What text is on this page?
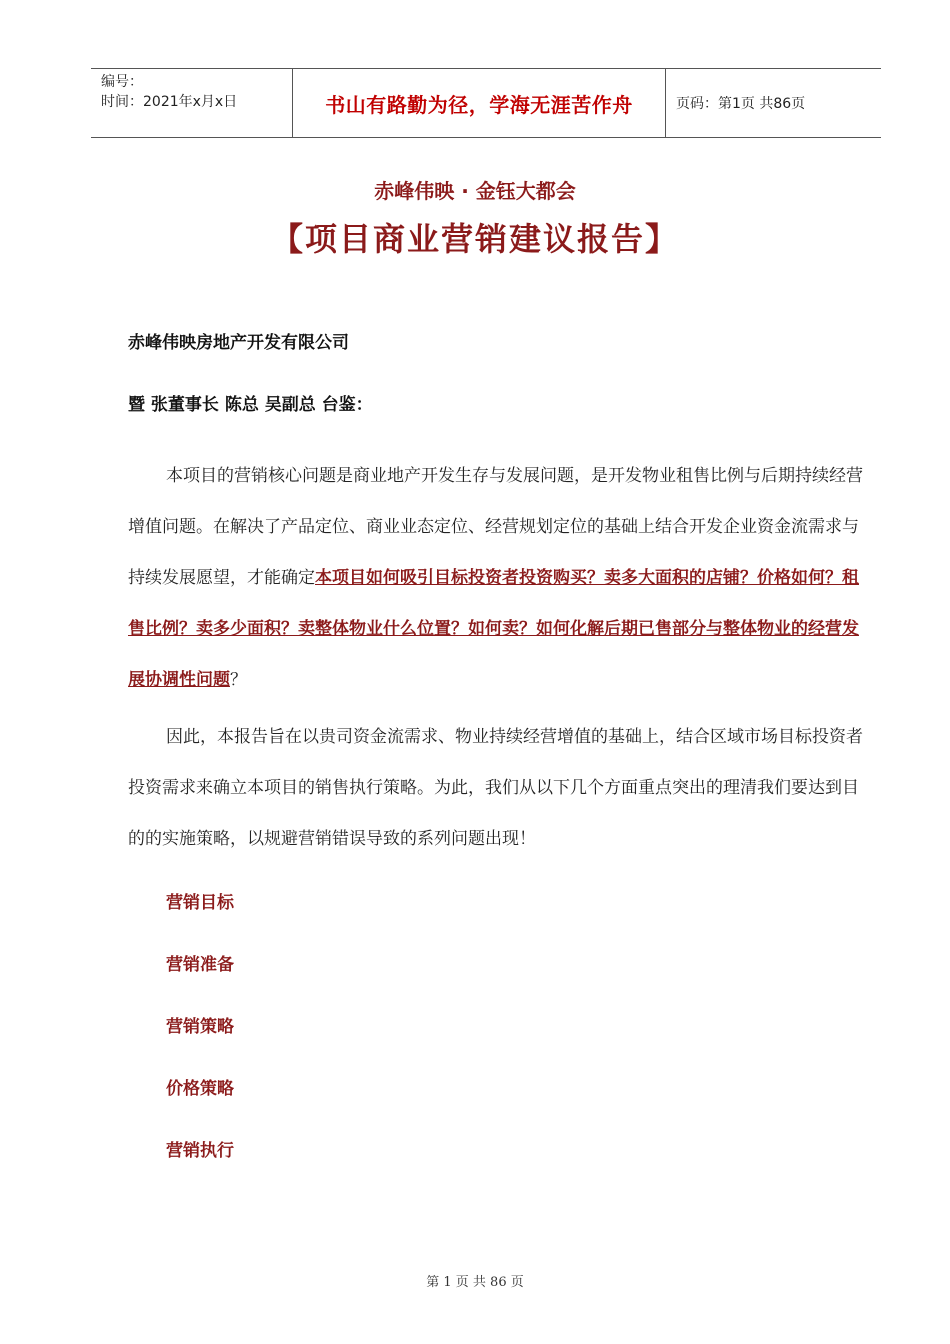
编号：
时间：2021年x月x日	书山有路勤为径，学海无涯苦作舟	页码：第1页 共86页
赤峰伟映 · 金钰大都会
【项目商业营销建议报告】
赤峰伟映房地产开发有限公司
暨 张董事长 陈总 吴副总 台鉴：

本项目的营销核心问题是商业地产开发生存与发展问题，是开发物业租售比例与后期持续经营增值问题。在解决了产品定位、商业业态定位、经营规划定位的基础上结合开发企业资金流需求与持续发展愿望，才能确定本项目如何吸引目标投资者投资购买？卖多大面积的店铺？价格如何？租售比例？卖多少面积？卖整体物业什么位置？如何卖？如何化解后期已售部分与整体物业的经营发展协调性问题？

因此，本报告旨在以贵司资金流需求、物业持续经营增值的基础上，结合区域市场目标投资者投资需求来确立本项目的销售执行策略。为此，我们从以下几个方面重点突出的理清我们要达到目的的实施策略，以规避营销错误导致的系列问题出现！

营销目标
营销准备
营销策略
价格策略
营销执行
第 1 页 共 86 页
